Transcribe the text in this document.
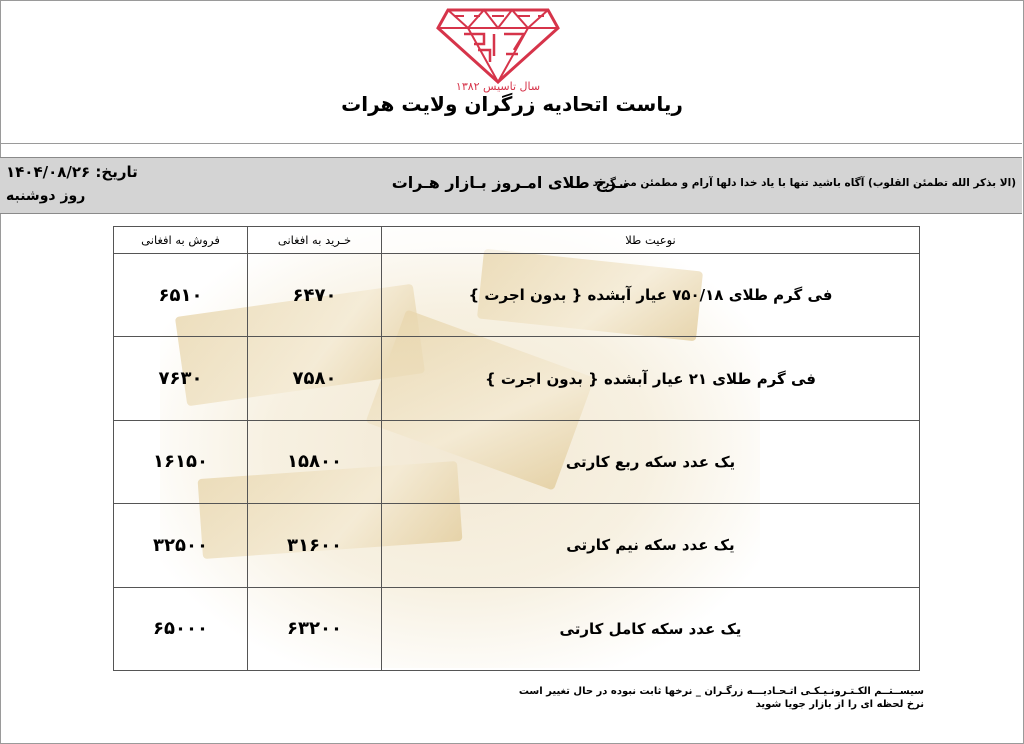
سال تاسیس ۱۳۸۲
ریاست اتحادیه زرگران ولایت هرات
(الا بذکر الله تطمئن القلوب) آگاه باشید تنها با یاد خدا دلها آرام و مطمئن می گردد
نـرخ طلای امـروز بـازار هـرات
تاریخ: ۱۴۰۴/۰۸/۲۶
روز دوشنبه
نوعیت طلا	خـرید به افغانی	فروش به افغانی
فی گرم طلای ۷۵۰/۱۸ عیار آبشده { بدون اجرت }	۶۴۷۰	۶۵۱۰
فی گرم طلای ۲۱ عیار آبشده { بدون اجرت }	۷۵۸۰	۷۶۳۰
یک عدد سکه ربع کارتی	۱۵۸۰۰	۱۶۱۵۰
یک عدد سکه نیم کارتی	۳۱۶۰۰	۳۲۵۰۰
یک عدد سکه کامل کارتی	۶۳۲۰۰	۶۵۰۰۰
سیســتــم الکـتـرونـیـکـی اتـحـادیـــه زرگـران _ نرخها ثابت نبوده در حال تغییر است
نرخ لحظه ای را از بازار جویا شوید
